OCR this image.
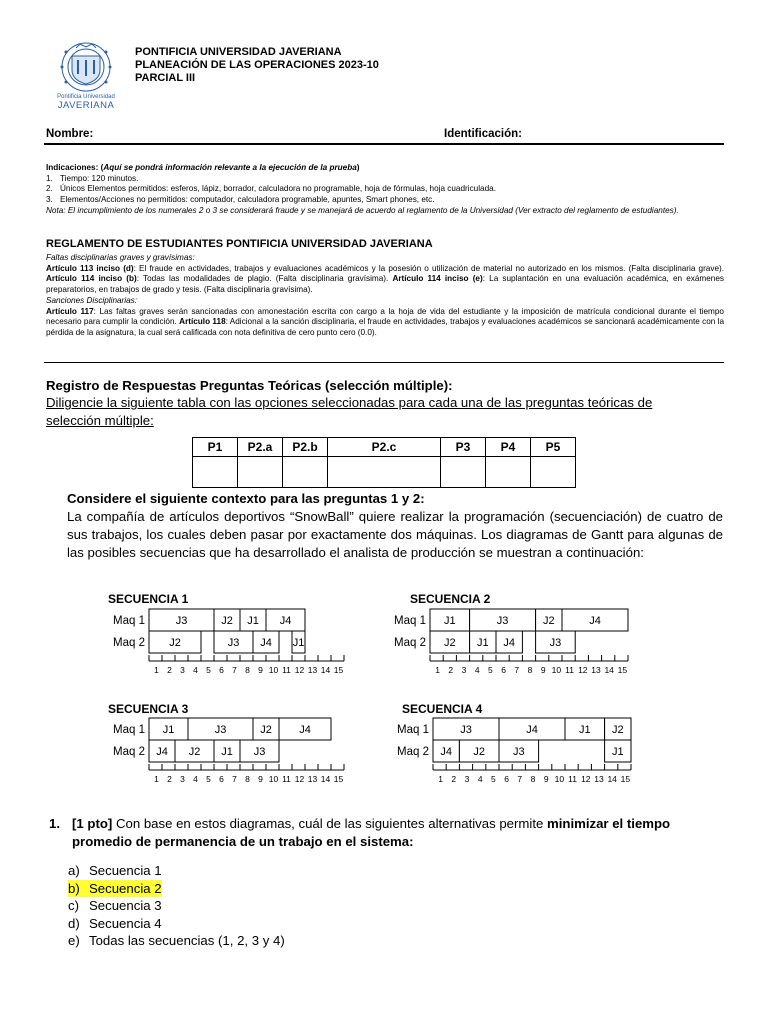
Pontificia Universidad
JAVERIANA
PONTIFICIA UNIVERSIDAD JAVERIANA
PLANEACIÓN DE LAS OPERACIONES 2023-10
PARCIAL III
Nombre:	Identificación:
Indicaciones: (Aquí se pondrá información relevante a la ejecución de la prueba)
1. Tiempo: 120 minutos.
2. Únicos Elementos permitidos: esferos, lápiz, borrador, calculadora no programable, hoja de fórmulas, hoja cuadriculada.
3. Elementos/Acciones no permitidos: computador, calculadora programable, apuntes, Smart phones, etc.
Nota: El incumplimiento de los numerales 2 o 3 se considerará fraude y se manejará de acuerdo al reglamento de la Universidad (Ver extracto del reglamento de estudiantes).
REGLAMENTO DE ESTUDIANTES PONTIFICIA UNIVERSIDAD JAVERIANA
Faltas disciplinarias graves y gravísimas:
Artículo 113 inciso (d): El fraude en actividades, trabajos y evaluaciones académicos y la posesión o utilización de material no autorizado en los mismos. (Falta disciplinaria grave). Artículo 114 inciso (b): Todas las modalidades de plagio. (Falta disciplinaria gravísima). Artículo 114 inciso (e): La suplantación en una evaluación académica, en exámenes preparatorios, en trabajos de grado y tesis. (Falta disciplinaria gravísima).
Sanciones Disciplinarias:
Artículo 117: Las faltas graves serán sancionadas con amonestación escrita con cargo a la hoja de vida del estudiante y la imposición de matrícula condicional durante el tiempo necesario para cumplir la condición. Artículo 118: Adicional a la sanción disciplinaria, el fraude en actividades, trabajos y evaluaciones académicos se sancionará académicamente con la pérdida de la asignatura, la cual será calificada con nota definitiva de cero punto cero (0.0).
Registro de Respuestas Preguntas Teóricas (selección múltiple):
Diligencie la siguiente tabla con las opciones seleccionadas para cada una de las preguntas teóricas de selección múltiple:
P1	P2.a	P2.b	P2.c	P3	P4	P5

Considere el siguiente contexto para las preguntas 1 y 2:
La compañía de artículos deportivos “SnowBall” quiere realizar la programación (secuenciación) de cuatro de sus trabajos, los cuales deben pasar por exactamente dos máquinas. Los diagramas de Gantt para algunas de las posibles secuencias que ha desarrollado el analista de producción se muestran a continuación:
SECUENCIA 1	SECUENCIA 2
SECUENCIA 3	SECUENCIA 4
Maq 1	J3	J2 J1 J4
Maq 2 J2	J3 J4 J1
1 2 3 4 5 6 7 8 9 10 11 12 13 14 15
Maq 1 J1	J3	J2	J4
Maq 2 J2 J1 J4	J3
1 2 3 4 5 6 7 8 9 10 11 12 13 14 15
Maq 1 J1	J3	J2 J4
Maq 2 J4 J2 J1 J3
1 2 3 4 5 6 7 8 9 10 11 12 13 14 15
Maq 1	J3	J4	J1 J2
Maq 2 J4 J2	J3	J1
1 2 3 4 5 6 7 8 9 10 11 12 13 14 15
1. [1 pto] Con base en estos diagramas, cuál de las siguientes alternativas permite minimizar el tiempo promedio de permanencia de un trabajo en el sistema:
a) Secuencia 1
b) Secuencia 2
c) Secuencia 3
d) Secuencia 4
e) Todas las secuencias (1, 2, 3 y 4)
